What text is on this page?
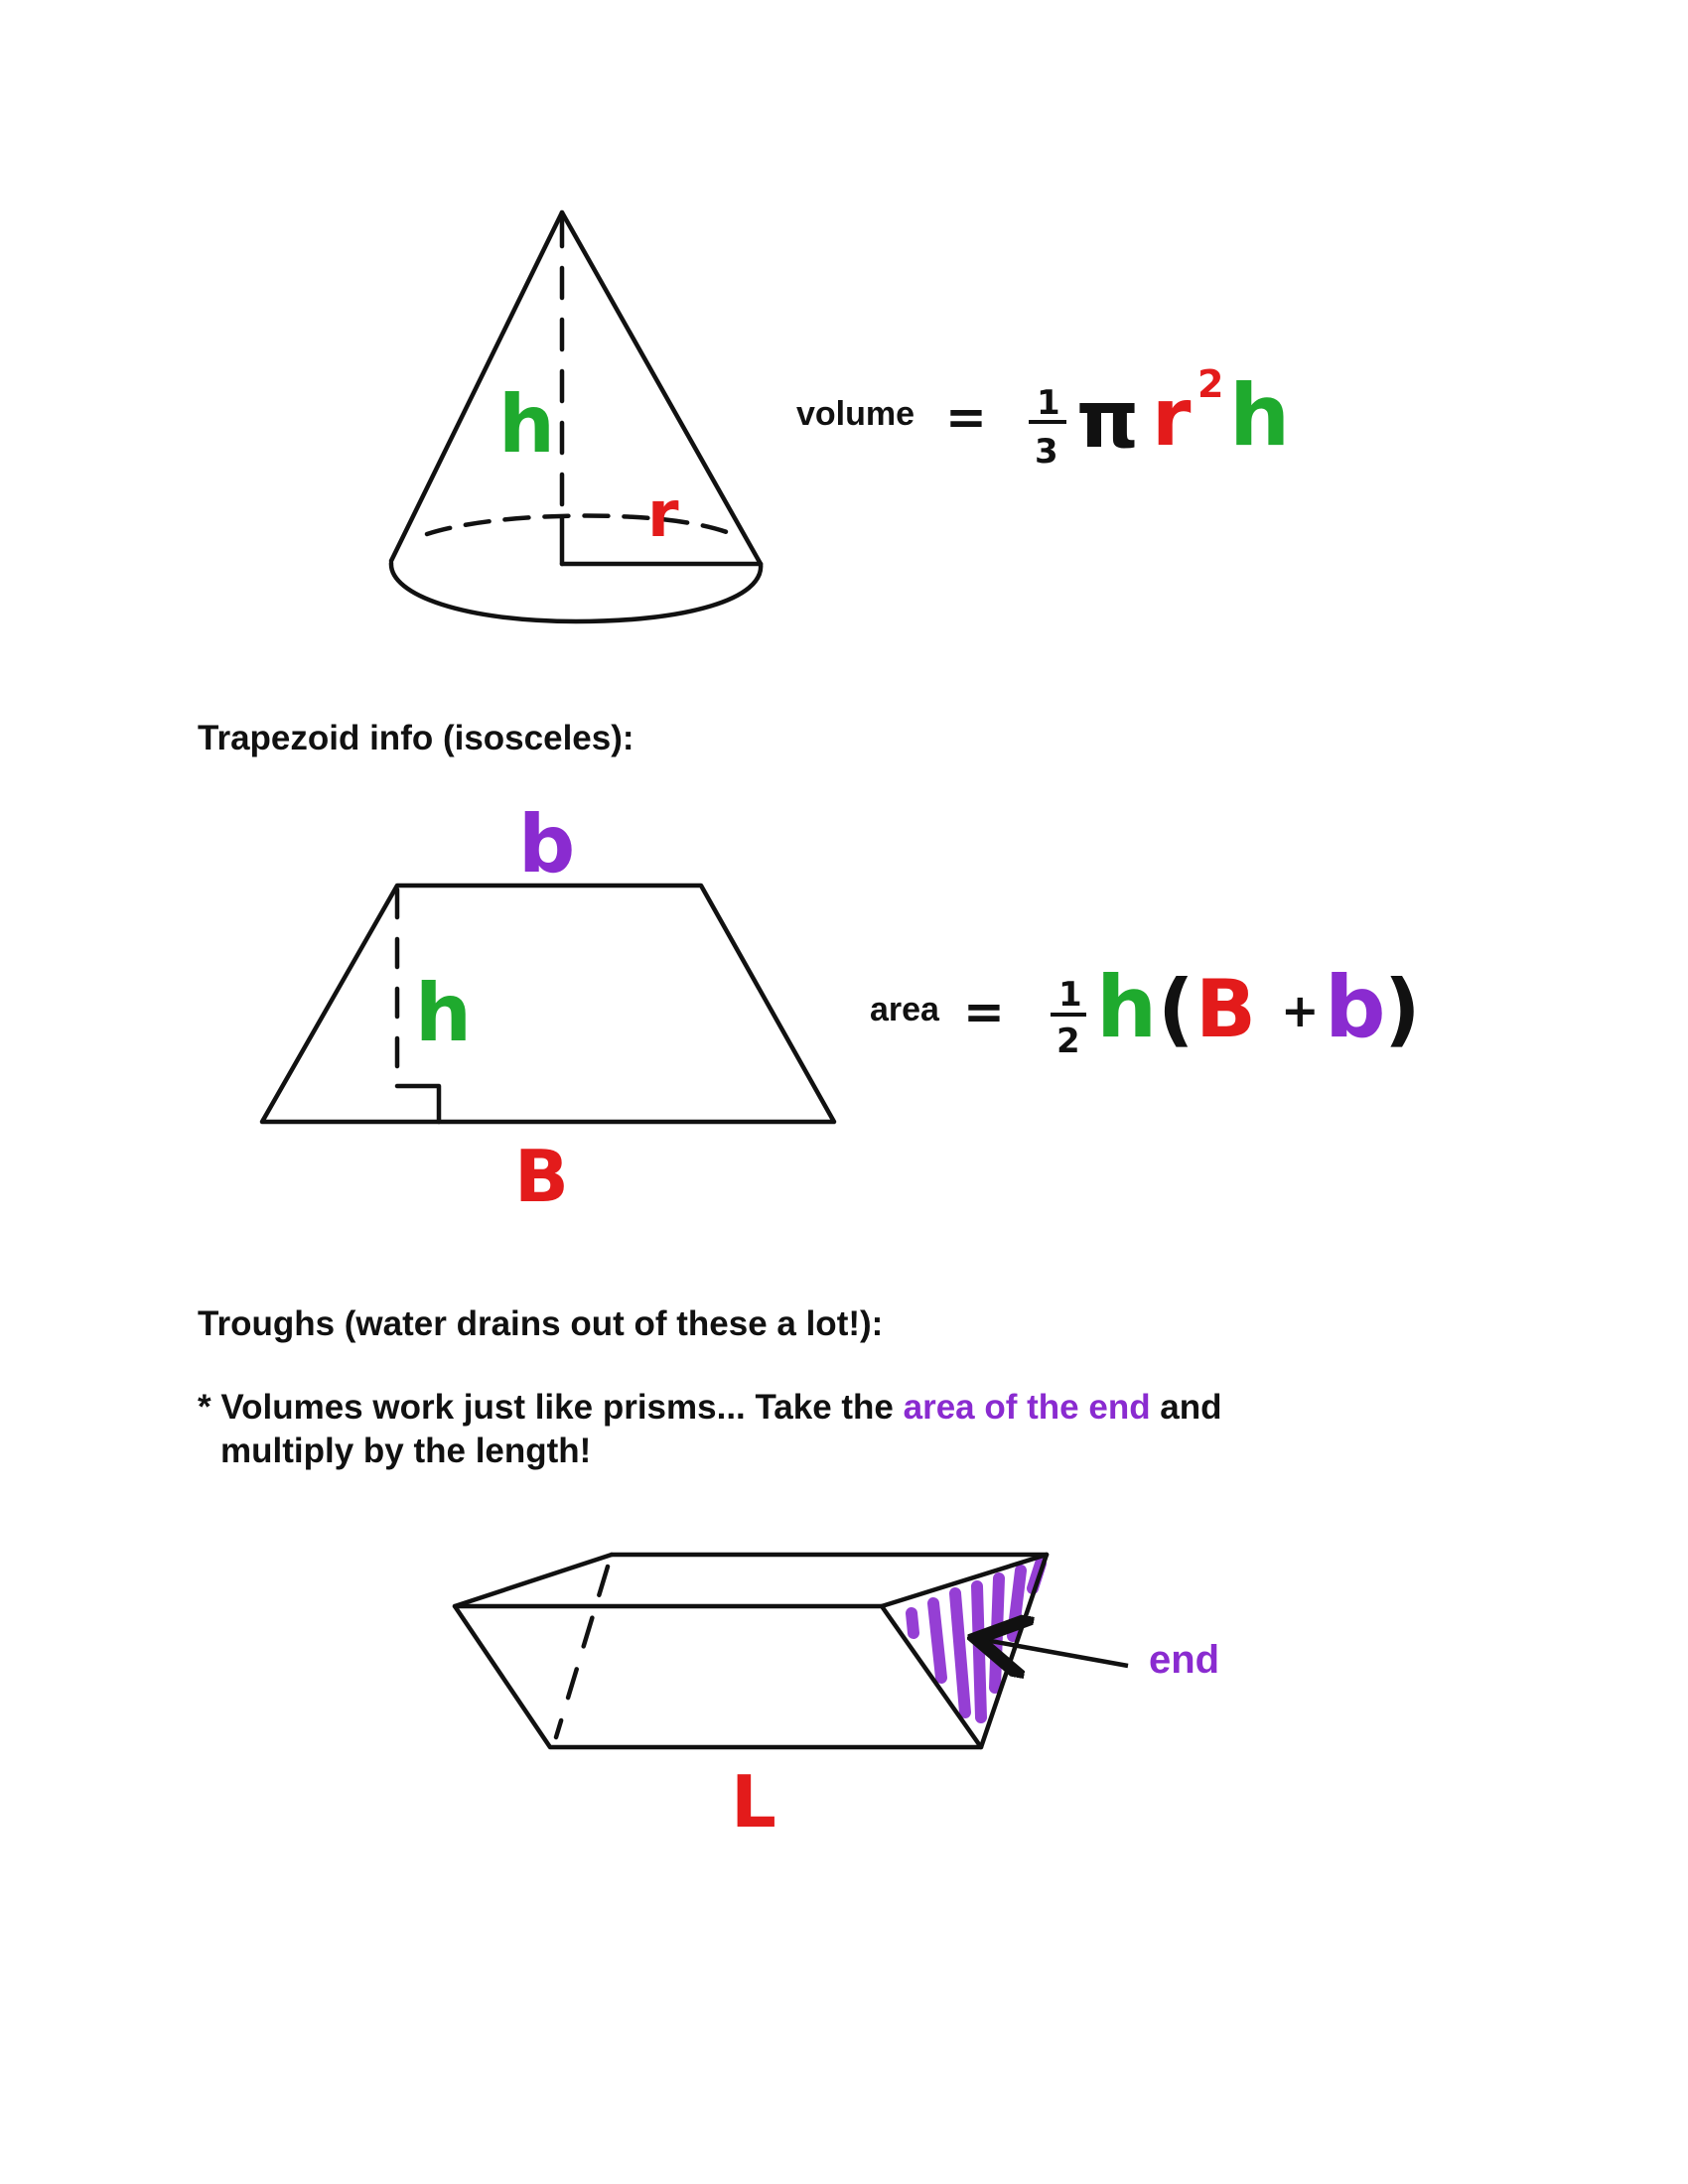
h
r
= 1
3 π r 2 h
b
h
B
= 1
2 h ( B + b
)
L
volume
Trapezoid info (isosceles):
area
Troughs (water drains out of these a lot!):
* Volumes work just like prisms... Take the area of the end and
multiply by the length!
end
